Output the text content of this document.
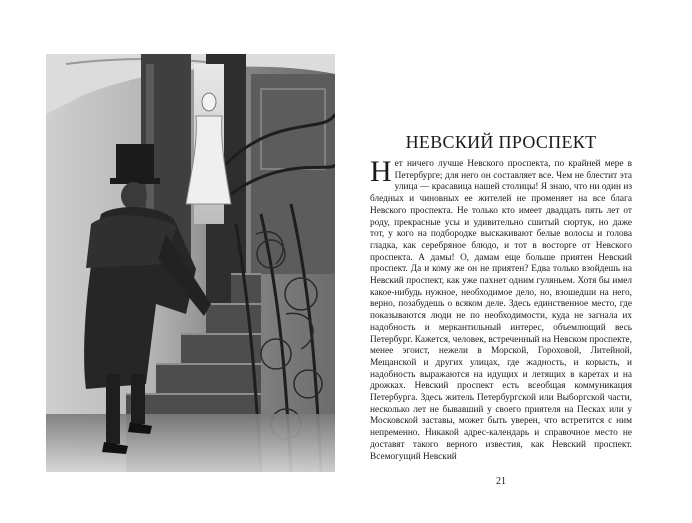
НЕВСКИЙ ПРОСПЕКТ
Нет ничего лучше Невского проспекта, по крайней мере в Петербурге; для него он составляет все. Чем не блестит эта улица — красавица нашей столицы! Я знаю, что ни один из бледных и чиновных ее жителей не променяет на все блага Невского проспекта. Не только кто имеет двадцать пять лет от роду, прекрасные усы и удивительно сшитый сюртук, но даже тот, у кого на подбородке выскакивают белые волосы и голова гладка, как серебряное блюдо, и тот в восторге от Невского проспекта. А дамы! О, дамам еще больше приятен Невский проспект. Да и кому же он не приятен? Едва только взойдешь на Невский проспект, как уже пахнет одним гуляньем. Хотя бы имел какое-нибудь нужное, необходимое дело, но, взошедши на него, верно, позабудешь о всяком деле. Здесь единственное место, где показываются люди не по необходимости, куда не загнала их надобность и меркантильный интерес, объемлющий весь Петербург. Кажется, человек, встреченный на Невском проспекте, менее эгоист, нежели в Морской, Гороховой, Литейной, Мещанской и других улицах, где жадность, и корысть, и надобность выражаются на идущих и летящих в каретах и на дрожках. Невский проспект есть всеобщая коммуникация Петербурга. Здесь житель Петербургской или Выборгской части, несколько лет не бывавший у своего приятеля на Песках или у Московской заставы, может быть уверен, что встретится с ним непременно. Никакой адрес-календарь и справочное место не доставят такого верного известия, как Невский проспект. Всемогущий Невский
21
